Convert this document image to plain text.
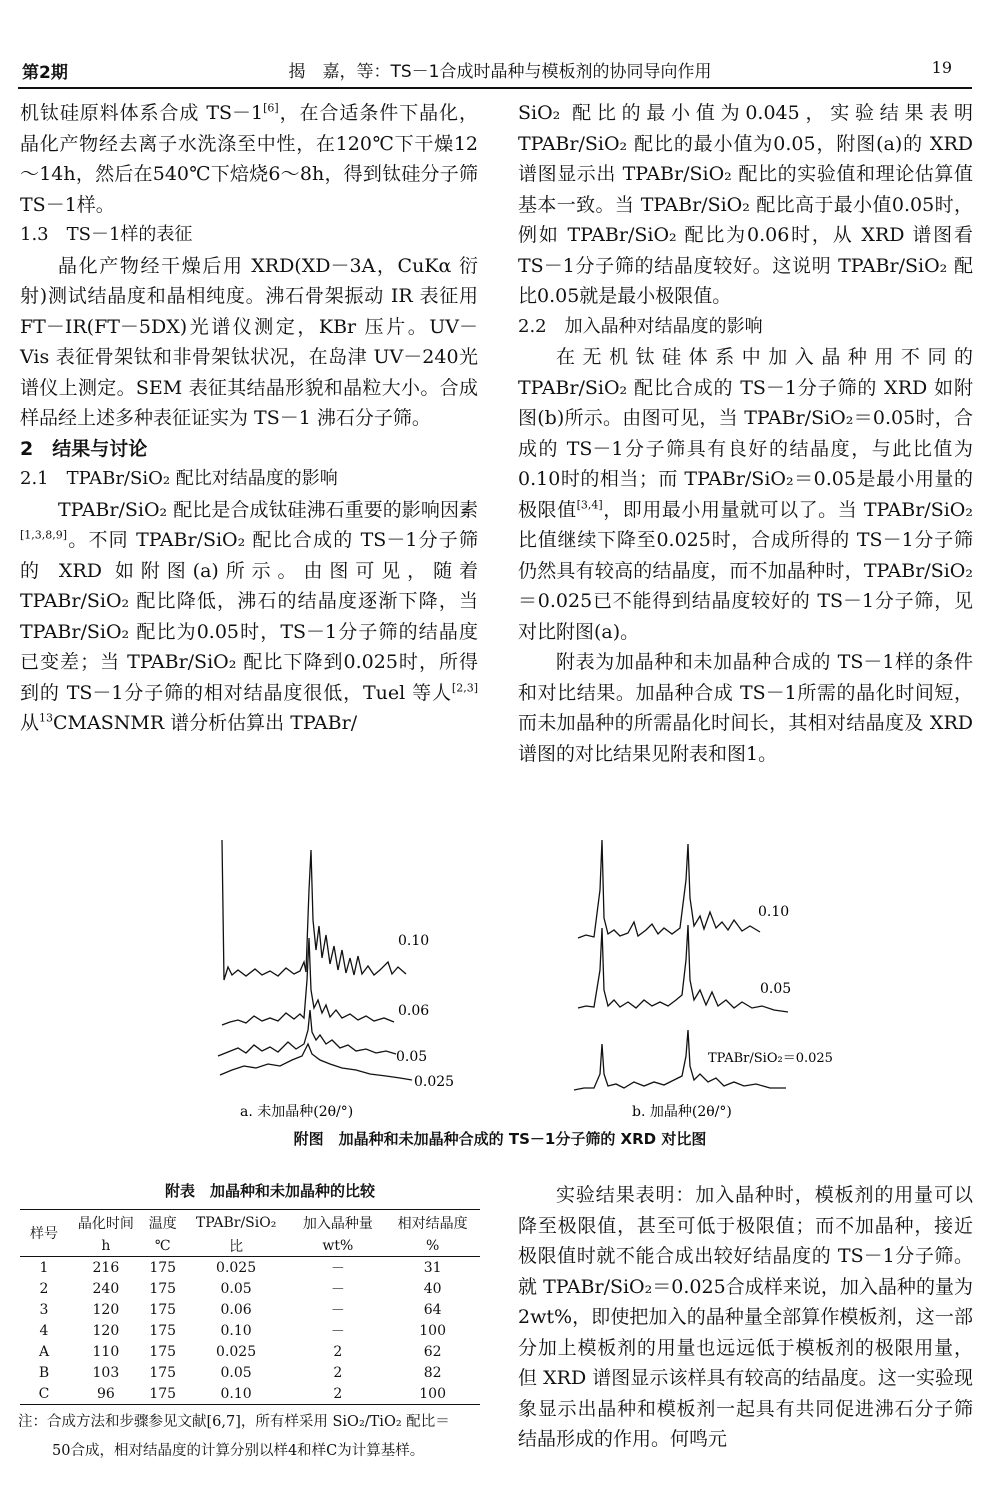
第2期	揭　嘉，等：TS－1合成时晶种与模板剂的协同导向作用	19

机钛硅原料体系合成 TS－1[6]，在合适条件下晶化，晶化产物经去离子水洗涤至中性，在120℃下干燥12～14h，然后在540℃下焙烧6～8h，得到钛硅分子筛 TS－1样。

1.3　TS－1样的表征

晶化产物经干燥后用 XRD(XD－3A，CuKα 衍射)测试结晶度和晶相纯度。沸石骨架振动 IR 表征用 FT－IR(FT－5DX)光谱仪测定，KBr 压片。UV－Vis 表征骨架钛和非骨架钛状况，在岛津 UV－240光谱仪上测定。SEM 表征其结晶形貌和晶粒大小。合成样品经上述多种表征证实为 TS－1 沸石分子筛。

2　结果与讨论

2.1　TPABr/SiO₂ 配比对结晶度的影响

TPABr/SiO₂ 配比是合成钛硅沸石重要的影响因素[1,3,8,9]。不同 TPABr/SiO₂ 配比合成的 TS－1分子筛的 XRD 如附图(a)所示。由图可见，随着 TPABr/SiO₂ 配比降低，沸石的结晶度逐渐下降，当 TPABr/SiO₂ 配比为0.05时，TS－1分子筛的结晶度已变差；当 TPABr/SiO₂ 配比下降到0.025时，所得到的 TS－1分子筛的相对结晶度很低，Tuel 等人[2,3]从$^{13}$CMASNMR 谱分析估算出 TPABr/

SiO₂ 配比的最小值为0.045，实验结果表明 TPABr/SiO₂ 配比的最小值为0.05，附图(a)的 XRD 谱图显示出 TPABr/SiO₂ 配比的实验值和理论估算值基本一致。当 TPABr/SiO₂ 配比高于最小值0.05时，例如 TPABr/SiO₂ 配比为0.06时，从 XRD 谱图看 TS－1分子筛的结晶度较好。这说明 TPABr/SiO₂ 配比0.05就是最小极限值。

2.2　加入晶种对结晶度的影响

在无机钛硅体系中加入晶种用不同的 TPABr/SiO₂ 配比合成的 TS－1分子筛的 XRD 如附图(b)所示。由图可见，当 TPABr/SiO₂＝0.05时，合成的 TS－1分子筛具有良好的结晶度，与此比值为0.10时的相当；而 TPABr/SiO₂＝0.05是最小用量的极限值[3,4]，即用最小用量就可以了。当 TPABr/SiO₂ 比值继续下降至0.025时，合成所得的 TS－1分子筛仍然具有较高的结晶度，而不加晶种时，TPABr/SiO₂＝0.025已不能得到结晶度较好的 TS－1分子筛，见对比附图(a)。

附表为加晶种和未加晶种合成的 TS－1样的条件和对比结果。加晶种合成 TS－1所需的晶化时间短，而未加晶种的所需晶化时间长，其相对结晶度及 XRD 谱图的对比结果见附表和图1。

0.10
0.06
0.05
0.025
0.10
0.05
TPABr/SiO₂＝0.025
a. 未加晶种(2θ/°)	b. 加晶种(2θ/°)
附图　加晶种和未加晶种合成的 TS－1分子筛的 XRD 对比图
附表　加晶种和未加晶种的比较
样号	晶化时间	温度	TPABr/SiO₂	加入晶种量	相对结晶度
	h	℃	比	wt%	%
1	216	175	0.025	－	31
2	240	175	0.05	－	40
3	120	175	0.06	－	64
4	120	175	0.10	－	100
A	110	175	0.025	2	62
B	103	175	0.05	2	82
C	96	175	0.10	2	100
注：合成方法和步骤参见文献[6,7]，所有样采用 SiO₂/TiO₂ 配比＝
50合成，相对结晶度的计算分别以样4和样C为计算基样。

实验结果表明：加入晶种时，模板剂的用量可以降至极限值，甚至可低于极限值；而不加晶种，接近极限值时就不能合成出较好结晶度的 TS－1分子筛。就 TPABr/SiO₂＝0.025合成样来说，加入晶种的量为2wt%，即使把加入的晶种量全部算作模板剂，这一部分加上模板剂的用量也远远低于模板剂的极限用量，但 XRD 谱图显示该样具有较高的结晶度。这一实验现象显示出晶种和模板剂一起具有共同促进沸石分子筛结晶形成的作用。何鸣元
